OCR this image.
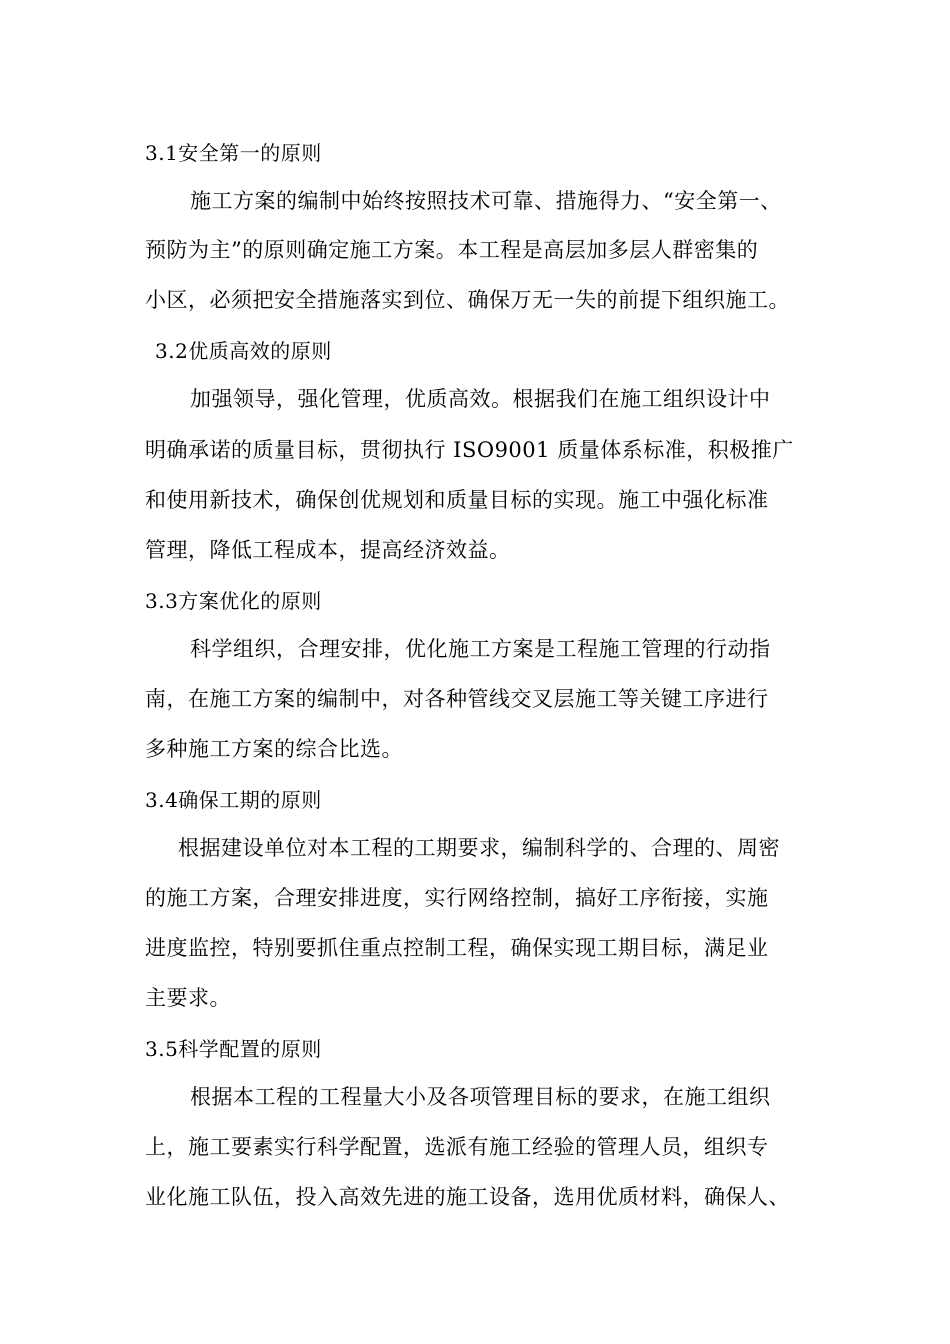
3.1安全第一的原则
施工方案的编制中始终按照技术可靠、措施得力、“安全第一、
预防为主”的原则确定施工方案。本工程是高层加多层人群密集的
小区，必须把安全措施落实到位、确保万无一失的前提下组织施工。
3.2优质高效的原则
加强领导，强化管理，优质高效。根据我们在施工组织设计中
明确承诺的质量目标，贯彻执行 ISO9001 质量体系标准，积极推广
和使用新技术，确保创优规划和质量目标的实现。施工中强化标准
管理，降低工程成本，提高经济效益。
3.3方案优化的原则
科学组织，合理安排，优化施工方案是工程施工管理的行动指
南，在施工方案的编制中，对各种管线交叉层施工等关键工序进行
多种施工方案的综合比选。
3.4确保工期的原则
根据建设单位对本工程的工期要求，编制科学的、合理的、周密
的施工方案，合理安排进度，实行网络控制，搞好工序衔接，实施
进度监控，特别要抓住重点控制工程，确保实现工期目标，满足业
主要求。
3.5科学配置的原则
根据本工程的工程量大小及各项管理目标的要求，在施工组织
上，施工要素实行科学配置，选派有施工经验的管理人员，组织专
业化施工队伍，投入高效先进的施工设备，选用优质材料，确保人、
